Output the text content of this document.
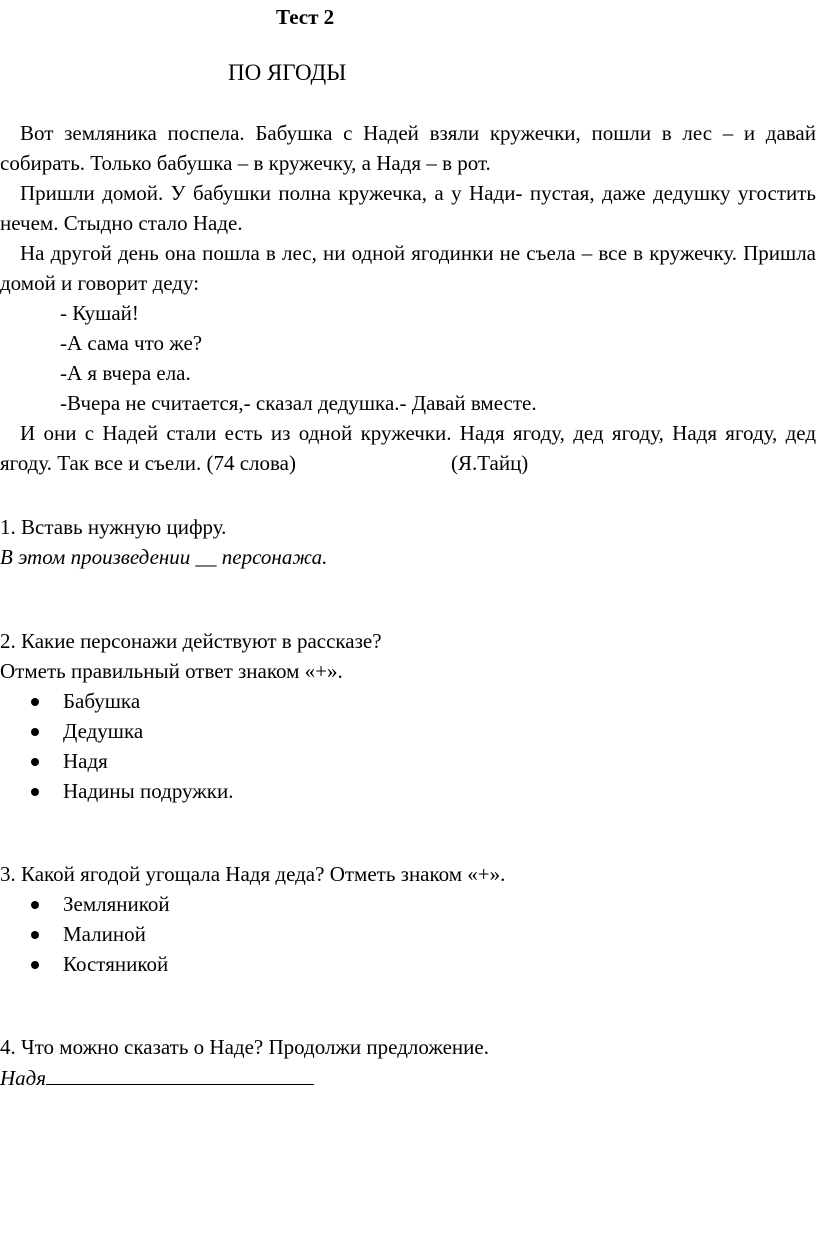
Тест 2
ПО ЯГОДЫ

Вот земляника поспела. Бабушка с Надей взяли кружечки, пошли в лес – и давай собирать. Только бабушка – в кружечку, а Надя – в рот.

Пришли домой. У бабушки полна кружечка, а у Нади- пустая, даже дедушку угостить нечем. Стыдно стало Наде.

На другой день она пошла в лес, ни одной ягодинки не съела – все в кружечку. Пришла домой и говорит деду:

- Кушай!

-А сама что же?

-А я вчера ела.

-Вчера не считается,- сказал дедушка.- Давай вместе.

И они с Надей стали есть из одной кружечки. Надя ягоду, дед ягоду, Надя ягоду, дед ягоду. Так все и съели. (74 слова)	(Я.Тайц)

1. Вставь нужную цифру.

В этом произведении __ персонажа.

2. Какие персонажи действуют в рассказе?

Отметь правильный ответ знаком «+».

Бабушка
Дедушка
Надя
Надины подружки.

3. Какой ягодой угощала Надя деда? Отметь знаком «+».

Земляникой
Малиной
Костяникой

4. Что можно сказать о Наде? Продолжи предложение.

Надя
